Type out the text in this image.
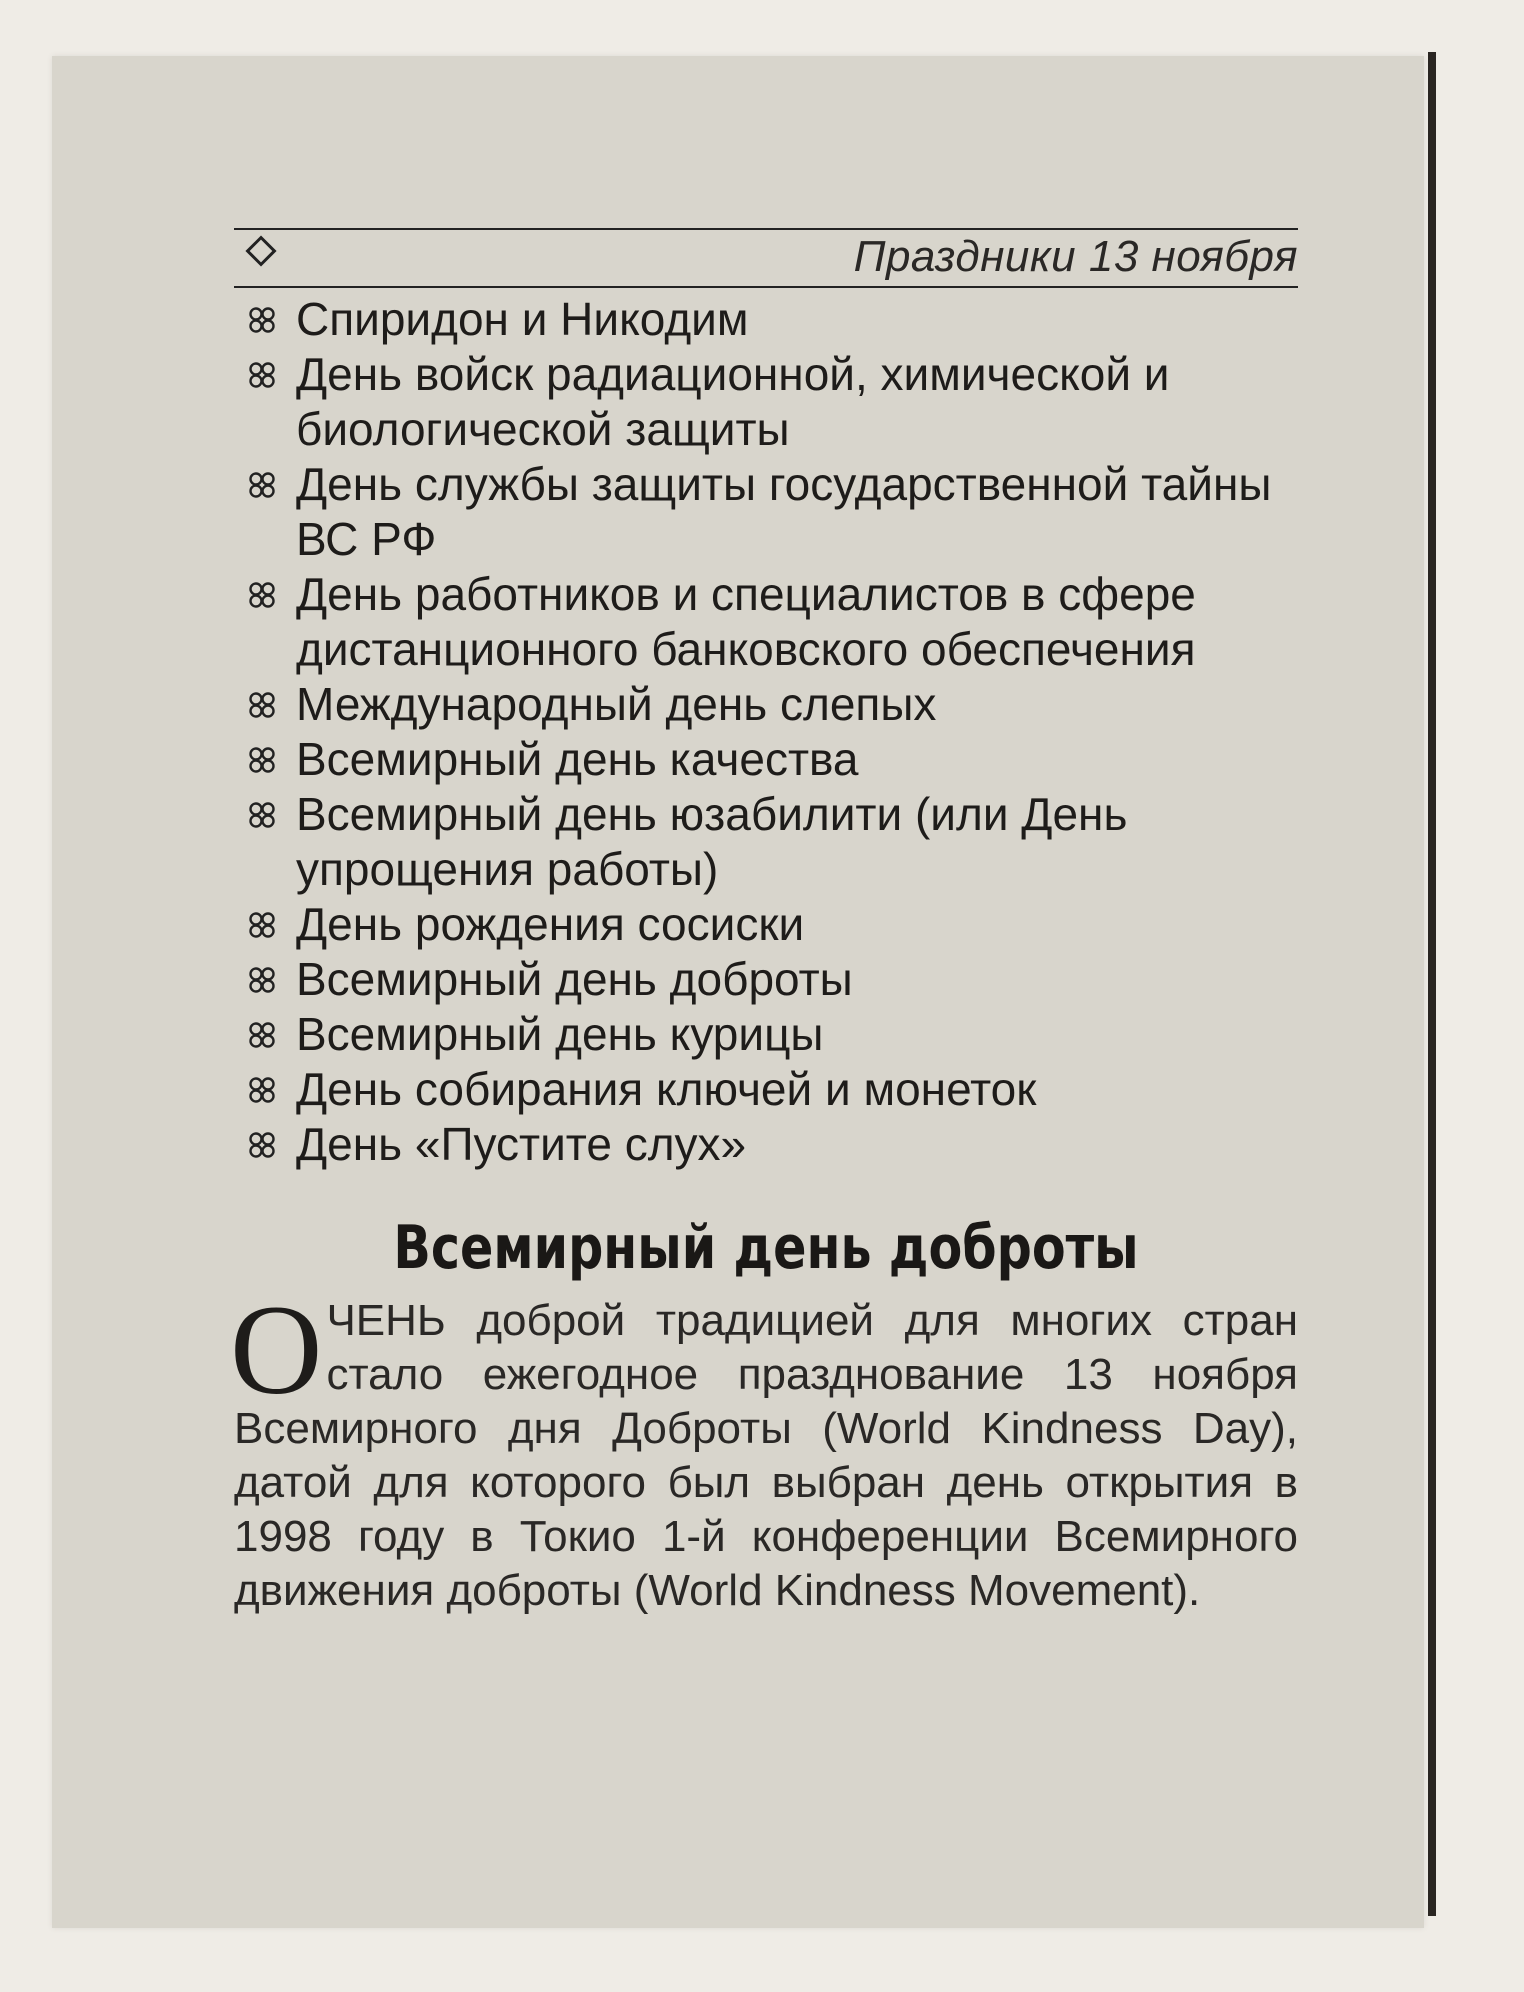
Праздники 13 ноября
Спиридон и Никодим
День войск радиационной, химической и биологической защиты
День службы защиты государственной тайны ВС РФ
День работников и специалистов в сфере дистанционного банковского обеспечения
Международный день слепых
Всемирный день качества
Всемирный день юзабилити (или День упрощения работы)
День рождения сосиски
Всемирный день доброты
Всемирный день курицы
День собирания ключей и монеток
День «Пустите слух»
Всемирный день доброты
ОЧЕНЬ доброй традицией для многих стран стало ежегодное празднование 13 ноября Всемирного дня Доброты (World Kindness Day), датой для которого был выбран день открытия в 1998 году в Токио 1-й конференции Всемирного движения доброты (World Kindness Movement).
